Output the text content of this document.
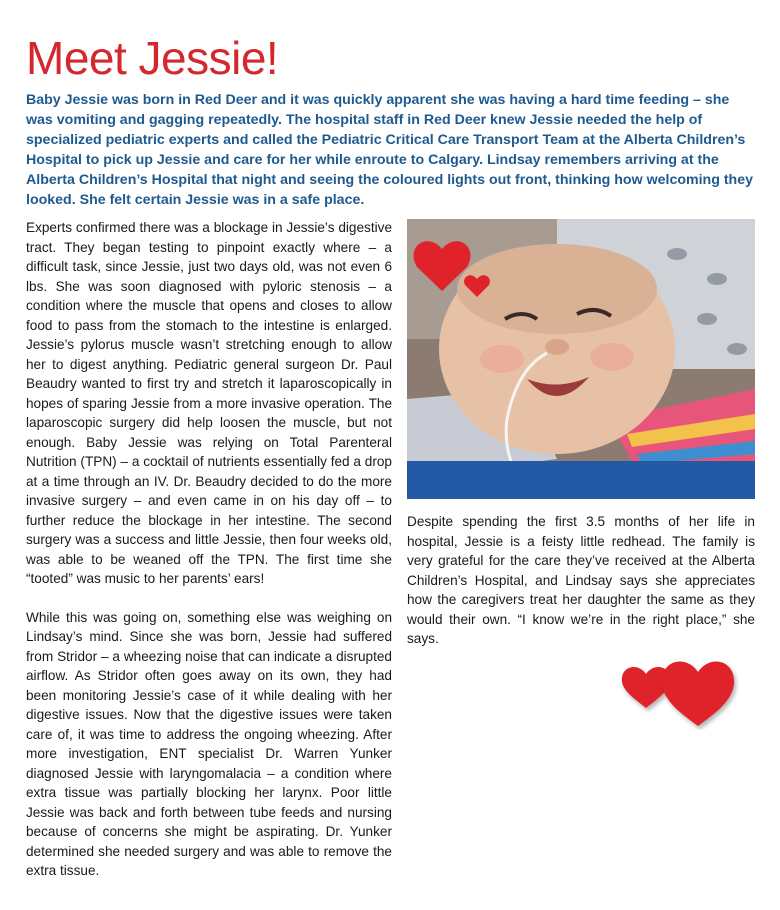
Meet Jessie!

Baby Jessie was born in Red Deer and it was quickly apparent she was having a hard time feeding – she was vomiting and gagging repeatedly. The hospital staff in Red Deer knew Jessie needed the help of specialized pediatric experts and called the Pediatric Critical Care Transport Team at the Alberta Children’s Hospital to pick up Jessie and care for her while enroute to Calgary. Lindsay remembers arriving at the Alberta Children’s Hospital that night and seeing the coloured lights out front, thinking how welcoming they looked. She felt certain Jessie was in a safe place.

Experts confirmed there was a blockage in Jessie’s digestive tract. They began testing to pinpoint exactly where – a difficult task, since Jessie, just two days old, was not even 6 lbs. She was soon diagnosed with pyloric stenosis – a condition where the muscle that opens and closes to allow food to pass from the stomach to the intestine is enlarged. Jessie’s pylorus muscle wasn’t stretching enough to allow her to digest anything. Pediatric general surgeon Dr. Paul Beaudry wanted to first try and stretch it laparoscopically in hopes of sparing Jessie from a more invasive operation. The laparoscopic surgery did help loosen the muscle, but not enough. Baby Jessie was relying on Total Parenteral Nutrition (TPN) – a cocktail of nutrients essentially fed a drop at a time through an IV. Dr. Beaudry decided to do the more invasive surgery – and even came in on his day off – to further reduce the blockage in her intestine. The second surgery was a success and little Jessie, then four weeks old, was able to be weaned off the TPN. The first time she “tooted” was music to her parents’ ears!

While this was going on, something else was weighing on Lindsay’s mind. Since she was born, Jessie had suffered from Stridor – a wheezing noise that can indicate a disrupted airflow. As Stridor often goes away on its own, they had been monitoring Jessie’s case of it while dealing with her digestive issues. Now that the digestive issues were taken care of, it was time to address the ongoing wheezing. After more investigation, ENT specialist Dr. Warren Yunker diagnosed Jessie with laryngomalacia – a condition where extra tissue was partially blocking her larynx. Poor little Jessie was back and forth between tube feeds and nursing because of concerns she might be aspirating. Dr. Yunker determined she needed surgery and was able to remove the extra tissue.

Despite spending the first 3.5 months of her life in hospital, Jessie is a feisty little redhead. The family is very grateful for the care they’ve received at the Alberta Children’s Hospital, and Lindsay says she appreciates how the caregivers treat her daughter the same as they would their own. “I know we’re in the right place,” she says.
